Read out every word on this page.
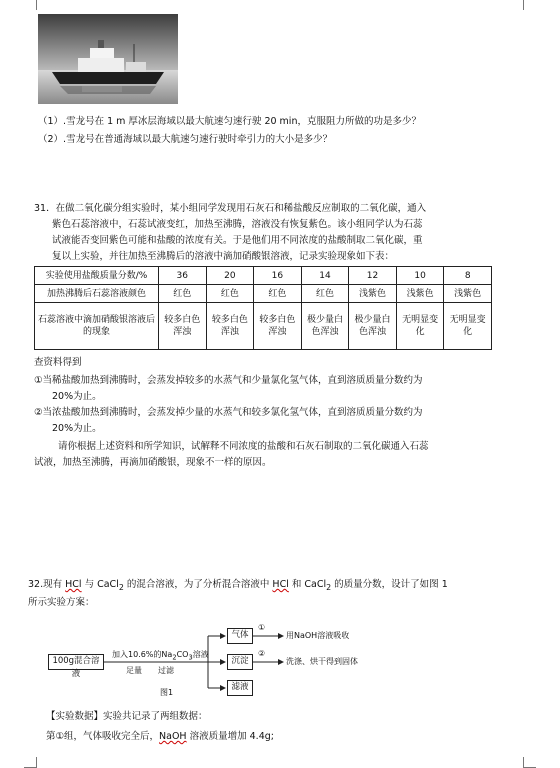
（1）.雪龙号在 1 m 厚冰层海域以最大航速匀速行驶 20 min，克服阻力所做的功是多少？
（2）.雪龙号在普通海域以最大航速匀速行驶时牵引力的大小是多少？
31．在做二氧化碳分组实验时，某小组同学发现用石灰石和稀盐酸反应制取的二氧化碳，通入
紫色石蕊溶液中，石蕊试液变红，加热至沸腾，溶液没有恢复紫色。该小组同学认为石蕊
试液能否变回紫色可能和盐酸的浓度有关。于是他们用不同浓度的盐酸制取二氧化碳，重
复以上实验，并往加热至沸腾后的溶液中滴加硝酸银溶液，记录实验现象如下表：
实验使用盐酸质量分数/%	36	20	16	14	12	10	8
加热沸腾后石蕊溶液颜色	红色	红色	红色	红色	浅紫色	浅紫色	浅紫色
石蕊溶液中滴加硝酸银溶液后的现象	较多白色浑浊	较多白色浑浊	较多白色浑浊	极少量白色浑浊	极少量白色浑浊	无明显变化	无明显变化
查资料得到
①当稀盐酸加热到沸腾时，会蒸发掉较多的水蒸气和少量氯化氢气体，直到溶质质量分数约为
20%为止。
②当浓盐酸加热到沸腾时，会蒸发掉少量的水蒸气和较多氯化氢气体，直到溶质质量分数约为
20%为止。
请你根据上述资料和所学知识，试解释不同浓度的盐酸和石灰石制取的二氧化碳通入石蕊
试液，加热至沸腾，再滴加硝酸银，现象不一样的原因。
32.现有 HCl 与 CaCl$_2$ 的混合溶液，为了分析混合溶液中 HCl 和 CaCl$_2$ 的质量分数，设计了如图 1
所示实验方案：
100g混合溶液
加入10.6%的$Na_2CO_3$溶液
足量 过滤
气体
沉淀
滤液
①
②
用NaOH溶液吸收
洗涤、烘干得到固体
图1
【实验数据】实验共记录了两组数据：
第①组，气体吸收完全后，NaOH 溶液质量增加 4.4g;
